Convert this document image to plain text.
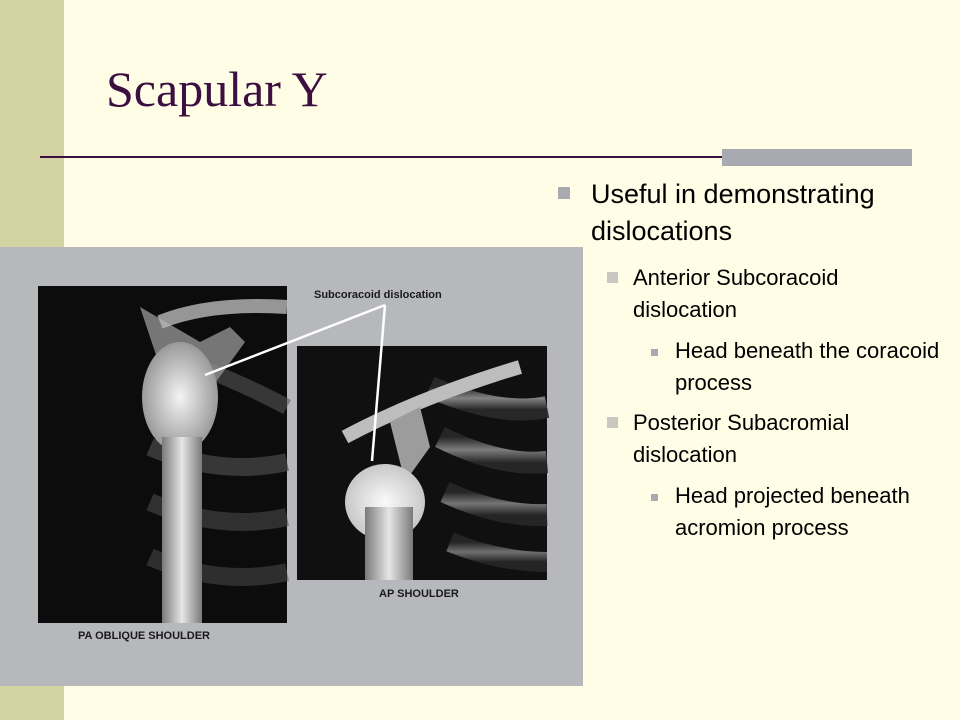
Scapular Y
Subcoracoid dislocation
PA OBLIQUE SHOULDER
AP SHOULDER
Useful in demonstrating dislocations
Anterior Subcoracoid dislocation
Head beneath the coracoid process
Posterior Subacromial dislocation
Head projected beneath acromion process
